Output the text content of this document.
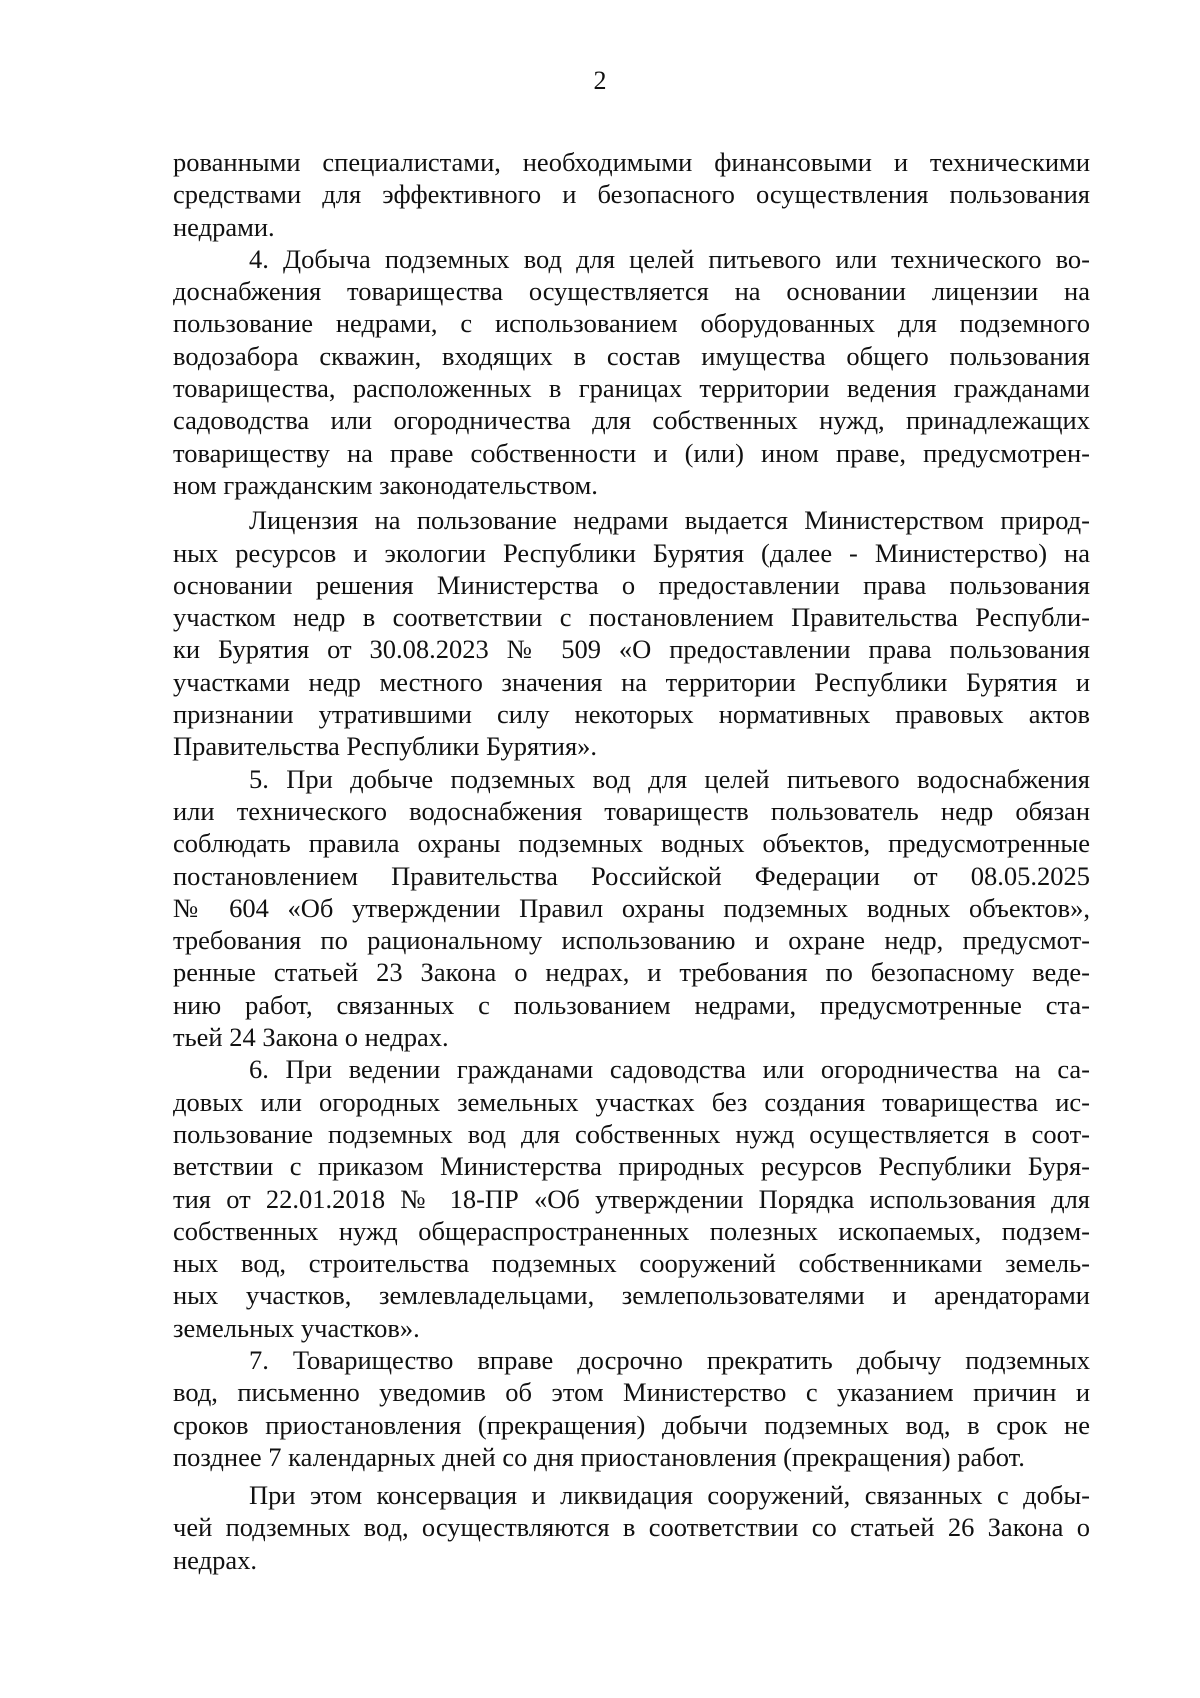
2
рованными специалистами, необходимыми финансовыми и техническими
средствами для эффективного и безопасного осуществления пользования
недрами.
4. Добыча подземных вод для целей питьевого или технического во-
доснабжения товарищества осуществляется на основании лицензии на
пользование недрами, с использованием оборудованных для подземного
водозабора скважин, входящих в состав имущества общего пользования
товарищества, расположенных в границах территории ведения гражданами
садоводства или огородничества для собственных нужд, принадлежащих
товариществу на праве собственности и (или) ином праве, предусмотрен-
ном гражданским законодательством.
Лицензия на пользование недрами выдается Министерством природ-
ных ресурсов и экологии Республики Бурятия (далее - Министерство) на
основании решения Министерства о предоставлении права пользования
участком недр в соответствии с постановлением Правительства Республи-
ки Бурятия от 30.08.2023 № 509 «О предоставлении права пользования
участками недр местного значения на территории Республики Бурятия и
признании утратившими силу некоторых нормативных правовых актов
Правительства Республики Бурятия».
5. При добыче подземных вод для целей питьевого водоснабжения
или технического водоснабжения товариществ пользователь недр обязан
соблюдать правила охраны подземных водных объектов, предусмотренные
постановлением Правительства Российской Федерации от 08.05.2025
№ 604 «Об утверждении Правил охраны подземных водных объектов»,
требования по рациональному использованию и охране недр, предусмот-
ренные статьей 23 Закона о недрах, и требования по безопасному веде-
нию работ, связанных с пользованием недрами, предусмотренные ста-
тьей 24 Закона о недрах.
6. При ведении гражданами садоводства или огородничества на са-
довых или огородных земельных участках без создания товарищества ис-
пользование подземных вод для собственных нужд осуществляется в соот-
ветствии с приказом Министерства природных ресурсов Республики Буря-
тия от 22.01.2018 № 18-ПР «Об утверждении Порядка использования для
собственных нужд общераспространенных полезных ископаемых, подзем-
ных вод, строительства подземных сооружений собственниками земель-
ных участков, землевладельцами, землепользователями и арендаторами
земельных участков».
7. Товарищество вправе досрочно прекратить добычу подземных
вод, письменно уведомив об этом Министерство с указанием причин и
сроков приостановления (прекращения) добычи подземных вод, в срок не
позднее 7 календарных дней со дня приостановления (прекращения) работ.
При этом консервация и ликвидация сооружений, связанных с добы-
чей подземных вод, осуществляются в соответствии со статьей 26 Закона о
недрах.
